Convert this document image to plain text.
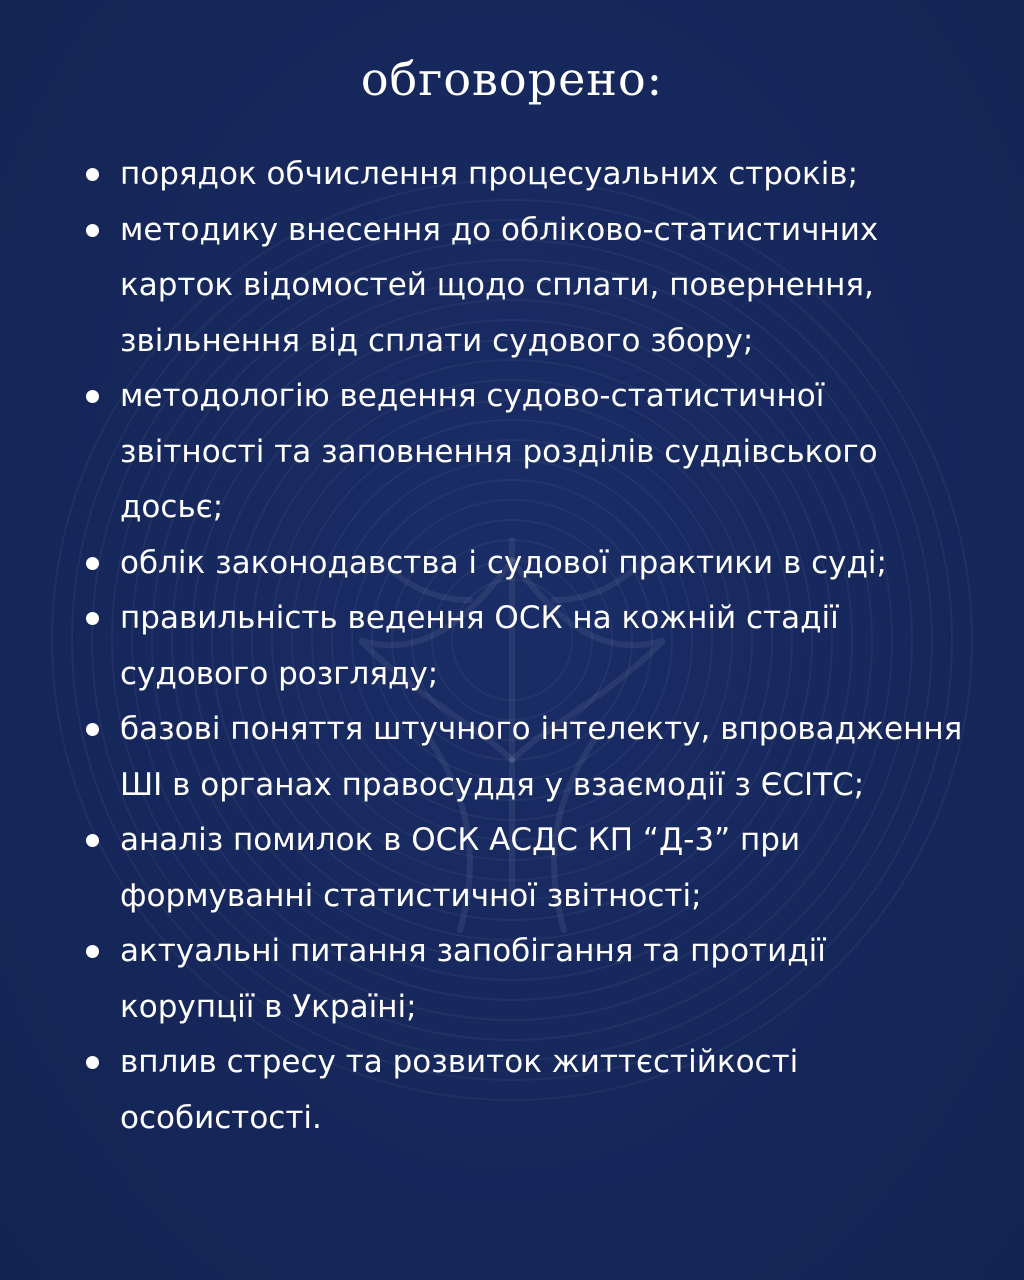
обговорено:
порядок обчислення процесуальних строків;
методику внесення до обліково-статистичних карток відомостей щодо сплати, повернення, звільнення від сплати судового збору;
методологію ведення судово-статистичної звітності та заповнення розділів суддівського досьє;
облік законодавства і судової практики в суді;
правильність ведення ОСК на кожній стадії судового розгляду;
базові поняття штучного інтелекту, впровадження ШІ в органах правосуддя у взаємодії з ЄСІТС;
аналіз помилок в ОСК АСДС КП “Д-3” при формуванні статистичної звітності;
актуальні питання запобігання та протидії корупції в Україні;
вплив стресу та розвиток життєстійкості особистості.
